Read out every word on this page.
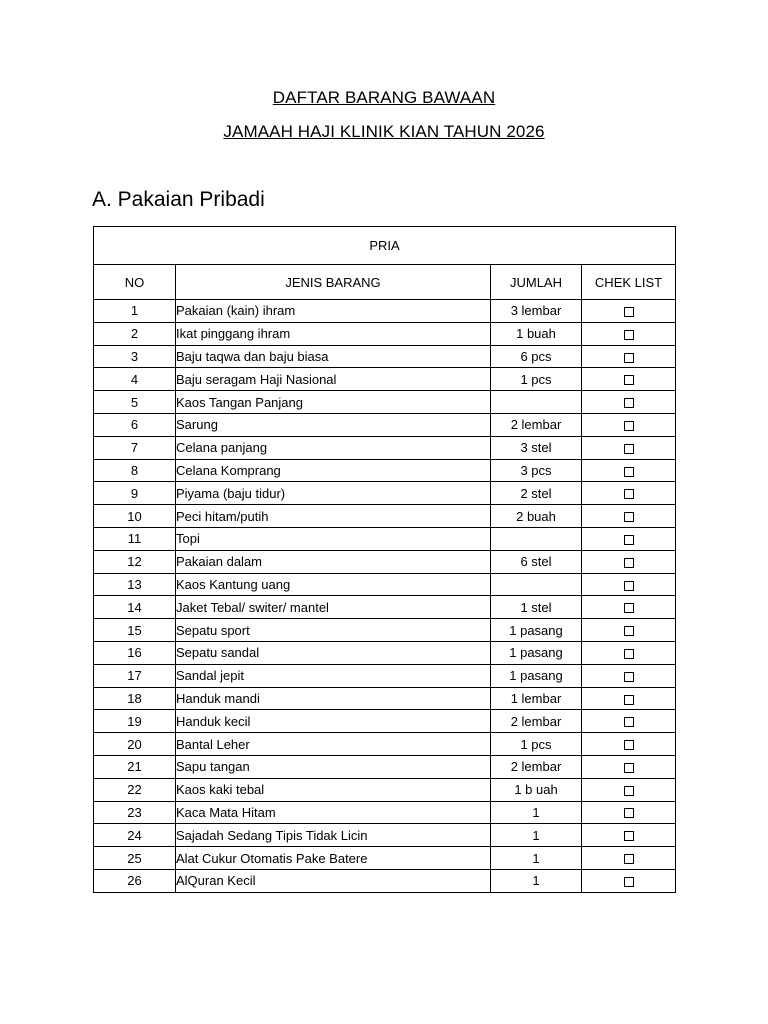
DAFTAR BARANG BAWAAN
JAMAAH HAJI KLINIK KIAN TAHUN 2026
A. Pakaian Pribadi
PRIA			
NO	JENIS BARANG	JUMLAH	CHEK LIST
1	Pakaian (kain) ihram	3 lembar	
2	Ikat pinggang ihram	1 buah	
3	Baju taqwa dan baju biasa	6 pcs	
4	Baju seragam Haji Nasional	1 pcs	
5	Kaos Tangan Panjang		
6	Sarung	2 lembar	
7	Celana panjang	3 stel	
8	Celana Komprang	3 pcs	
9	Piyama (baju tidur)	2 stel	
10	Peci hitam/putih	2 buah	
11	Topi		
12	Pakaian dalam	6 stel	
13	Kaos Kantung uang		
14	Jaket Tebal/ switer/ mantel	1 stel	
15	Sepatu sport	1 pasang	
16	Sepatu sandal	1 pasang	
17	Sandal jepit	1 pasang	
18	Handuk mandi	1 lembar	
19	Handuk kecil	2 lembar	
20	Bantal Leher	1 pcs	
21	Sapu tangan	2 lembar	
22	Kaos kaki tebal	1 b uah	
23	Kaca Mata Hitam	1	
24	Sajadah Sedang Tipis Tidak Licin	1	
25	Alat Cukur Otomatis Pake Batere	1	
26	AlQuran Kecil	1	
